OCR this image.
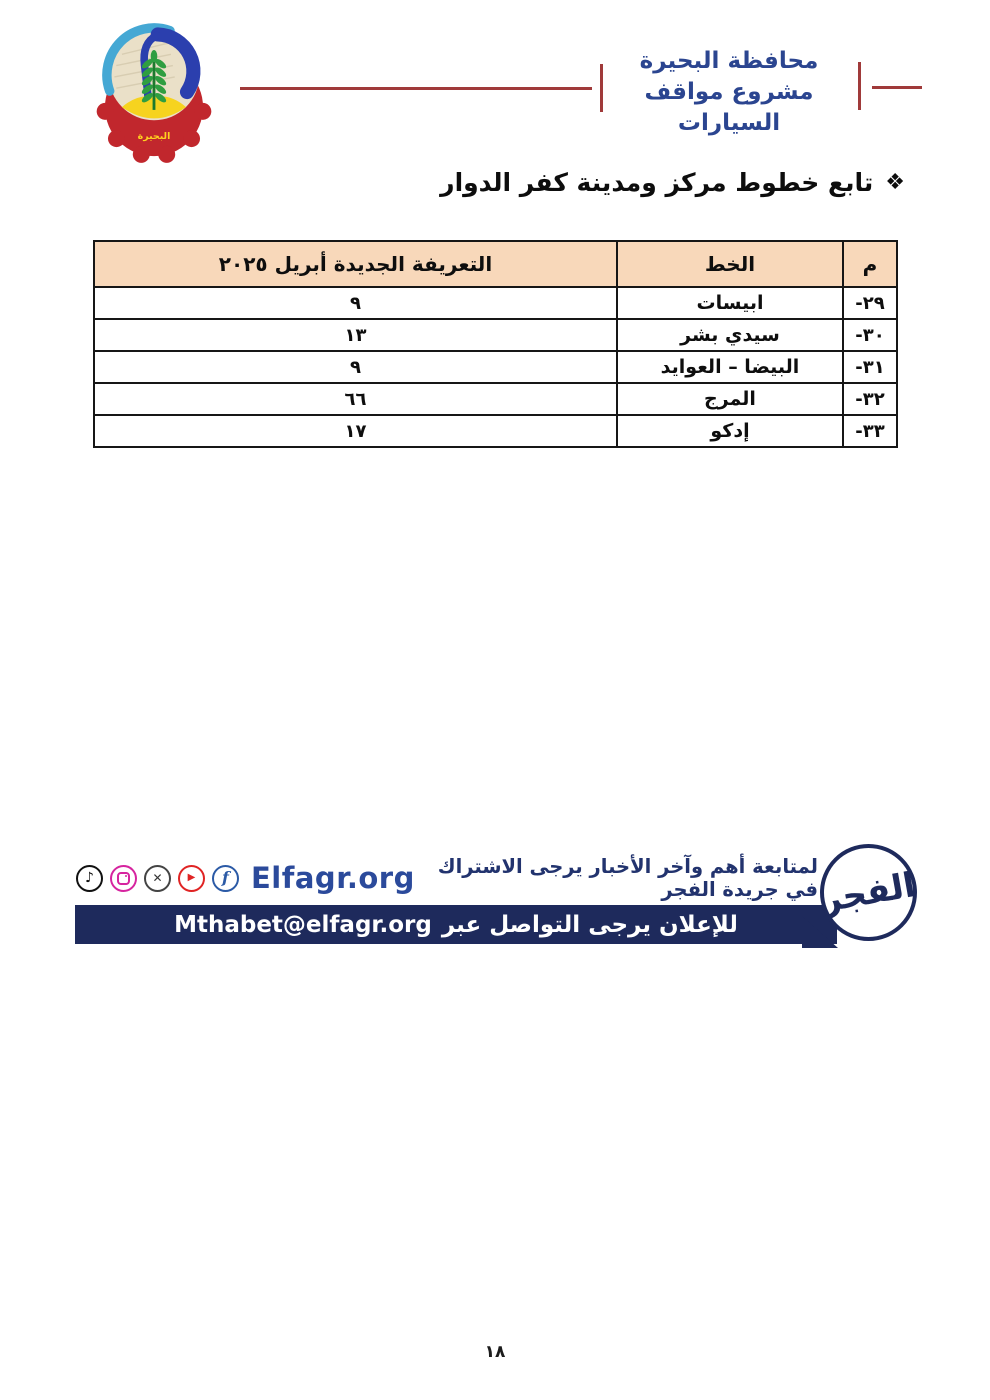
البحيرة
محافظة البحيرة
مشروع مواقف السيارات
❖
تابع خطوط مركز ومدينة كفر الدوار
م	الخط	التعريفة الجديدة أبريل ٢٠٢٥
٢٩-	ابيسات	٩
٣٠-	سيدي بشر	١٣
٣١-	البيضا – العوايد	٩
٣٢-	المرج	٦٦
٣٣-	إدكو	١٧
♪	✕	▶	f Elfagr.org	لمتابعة أهم وآخر الأخبار يرجى الاشتراك في جريدة الفجر
للإعلان يرجى التواصل عبر
Mthabet@elfagr.org
الفجر
١٨
